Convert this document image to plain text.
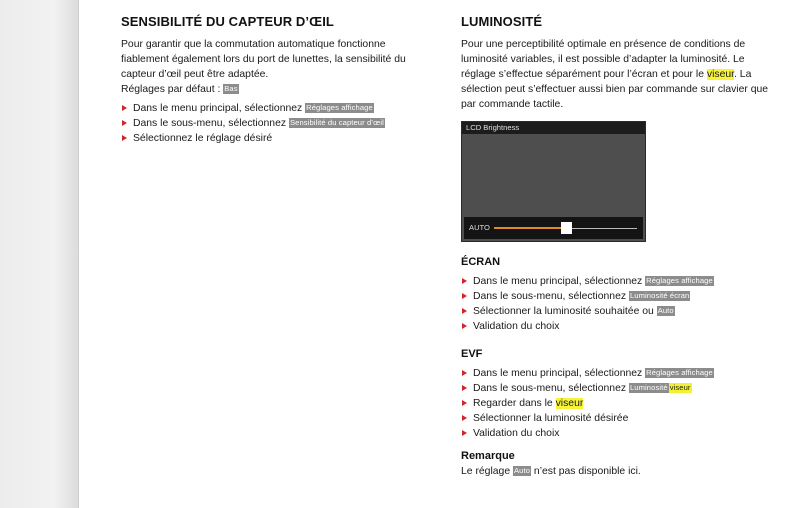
SENSIBILITÉ DU CAPTEUR D’ŒIL

Pour garantir que la commutation automatique fonctionne
fiablement également lors du port de lunettes, la sensibilité du
capteur d’œil peut être adaptée.
Réglages par défaut : Bas

Dans le menu principal, sélectionnez Réglages affichage
Dans le sous-menu, sélectionnez Sensibilité du capteur d’œil
Sélectionnez le réglage désiré
LUMINOSITÉ

Pour une perceptibilité optimale en présence de conditions de
luminosité variables, il est possible d’adapter la luminosité. Le
réglage s’effectue séparément pour l’écran et pour le viseur. La
sélection peut s’effectuer aussi bien par commande sur clavier que
par commande tactile.

LCD Brightness
AUTO
ÉCRAN
Dans le menu principal, sélectionnez Réglages affichage
Dans le sous-menu, sélectionnez Luminosité écran
Sélectionner la luminosité souhaitée ou Auto
Validation du choix
EVF
Dans le menu principal, sélectionnez Réglages affichage
Dans le sous-menu, sélectionnez Luminosité viseur
Regarder dans le viseur
Sélectionner la luminosité désirée
Validation du choix
Remarque

Le réglage Auto n’est pas disponible ici.
